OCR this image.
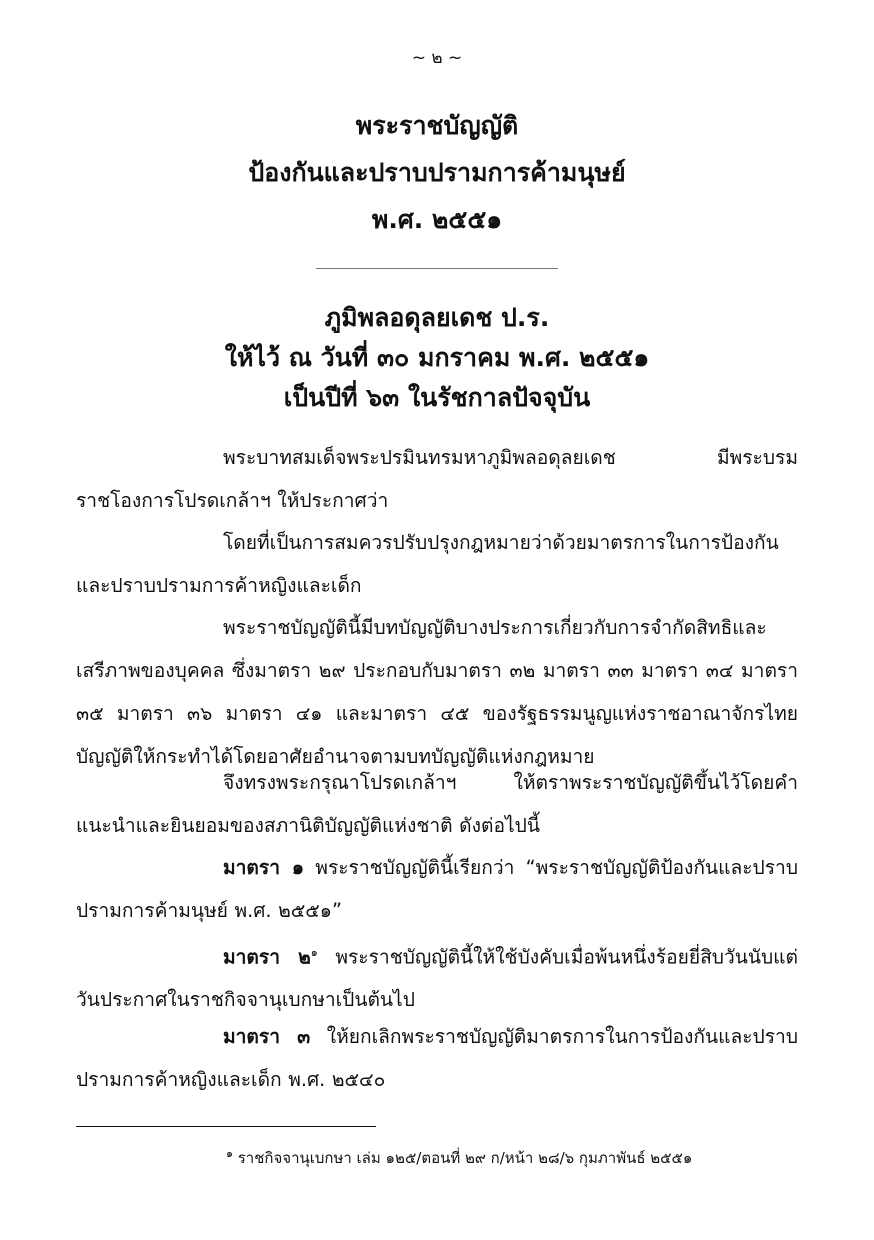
~ ๒ ~
พระราชบัญญัติ
ป้องกันและปราบปรามการค้ามนุษย์
พ.ศ. ๒๕๕๑
ภูมิพลอดุลยเดช ป.ร.
ให้ไว้ ณ วันที่ ๓๐ มกราคม พ.ศ. ๒๕๕๑
เป็นปีที่ ๖๓ ในรัชกาลปัจจุบัน
พระบาทสมเด็จพระปรมินทรมหาภูมิพลอดุลยเดช มีพระบรมราชโองการโปรดเกล้าฯ ให้ประกาศว่า
โดยที่เป็นการสมควรปรับปรุงกฎหมายว่าด้วยมาตรการในการป้องกันและปราบปรามการค้าหญิงและเด็ก
พระราชบัญญัตินี้มีบทบัญญัติบางประการเกี่ยวกับการจำกัดสิทธิและเสรีภาพของบุคคล ซึ่งมาตรา ๒๙ ประกอบกับมาตรา ๓๒ มาตรา ๓๓ มาตรา ๓๔ มาตรา ๓๕ มาตรา ๓๖ มาตรา ๔๑ และมาตรา ๔๕ ของรัฐธรรมนูญแห่งราชอาณาจักรไทย บัญญัติให้กระทำได้โดยอาศัยอำนาจตามบทบัญญัติแห่งกฎหมาย
จึงทรงพระกรุณาโปรดเกล้าฯ ให้ตราพระราชบัญญัติขึ้นไว้โดยคำแนะนำและยินยอมของสภานิติบัญญัติแห่งชาติ ดังต่อไปนี้
มาตรา ๑ พระราชบัญญัตินี้เรียกว่า “พระราชบัญญัติป้องกันและปราบปรามการค้ามนุษย์ พ.ศ. ๒๕๕๑”
มาตรา ๒$^๑$ พระราชบัญญัตินี้ให้ใช้บังคับเมื่อพ้นหนึ่งร้อยยี่สิบวันนับแต่วันประกาศในราชกิจจานุเบกษาเป็นต้นไป
มาตรา ๓ ให้ยกเลิกพระราชบัญญัติมาตรการในการป้องกันและปราบปรามการค้าหญิงและเด็ก พ.ศ. ๒๕๔๐
$^๑$ ราชกิจจานุเบกษา เล่ม ๑๒๕/ตอนที่ ๒๙ ก/หน้า ๒๘/๖ กุมภาพันธ์ ๒๕๕๑
